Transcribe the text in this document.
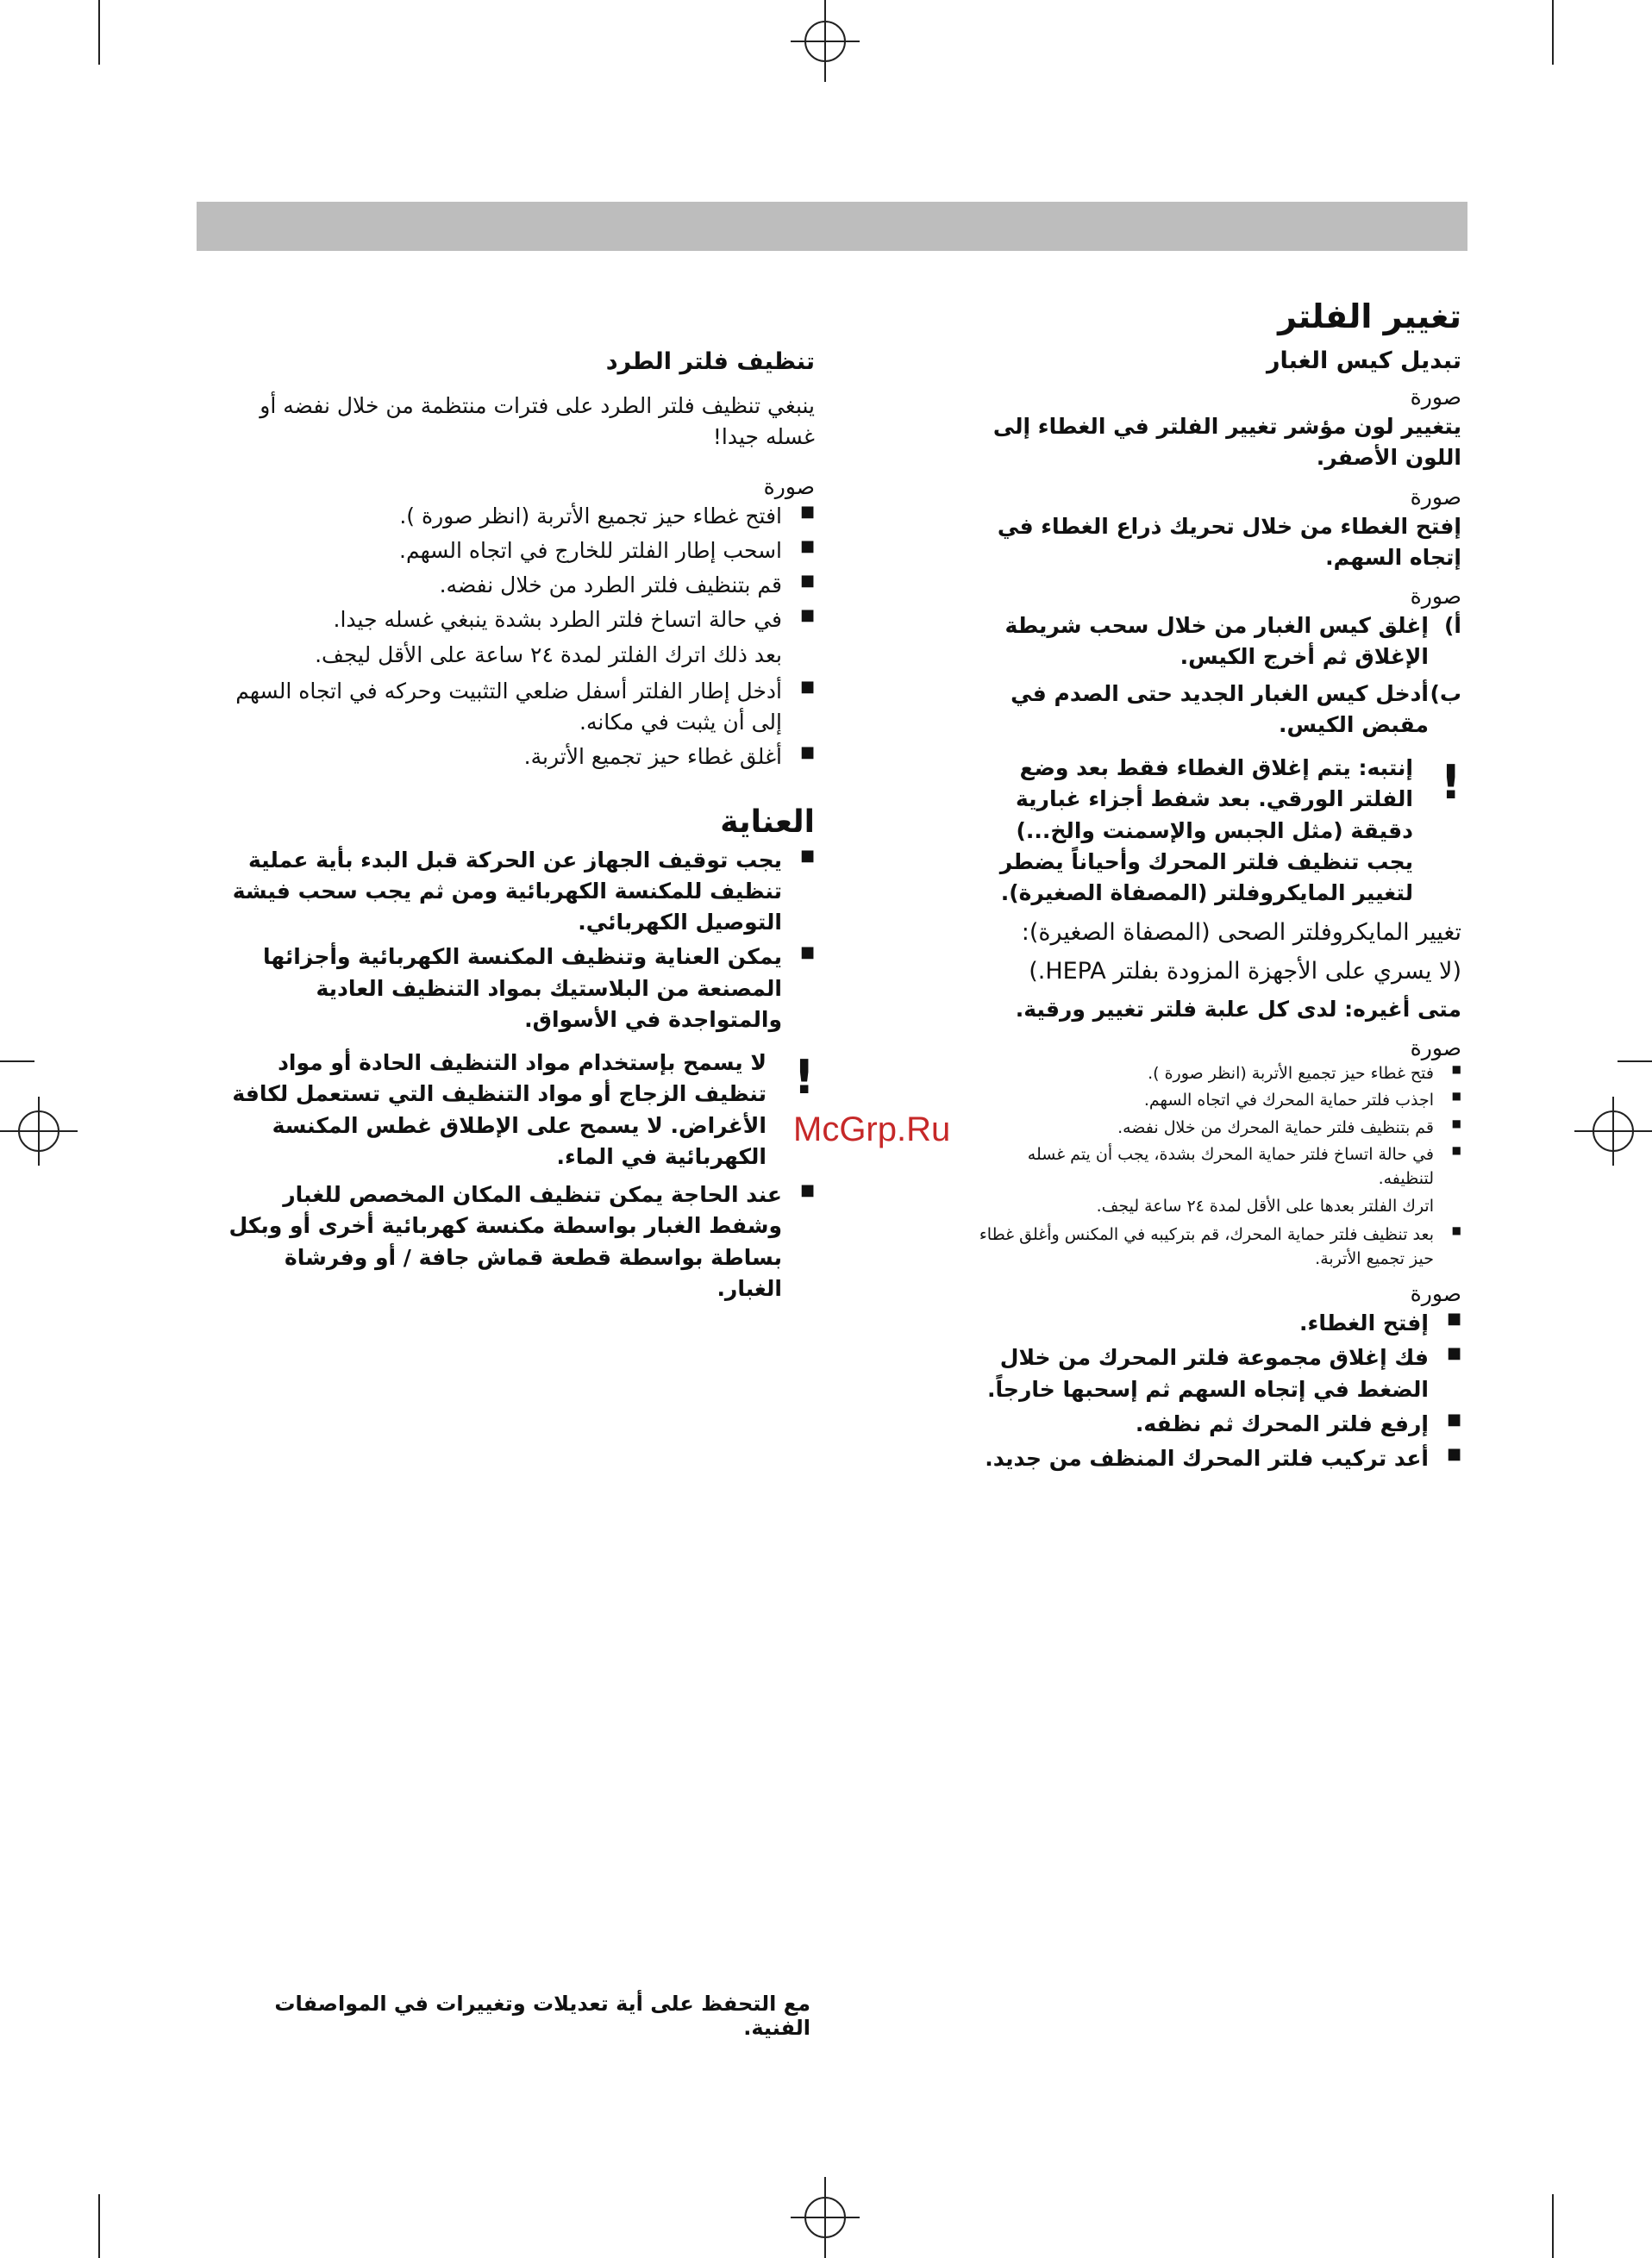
تغيير الفلتر
تبديل كيس الغبار
صورة

يتغيير لون مؤشر تغيير الفلتر في الغطاء إلى اللون الأصفر.

صورة

إفتح الغطاء من خلال تحريك ذراع الغطاء في إتجاه السهم.

صورة

أ)
إغلق كيس الغبار من خلال سحب شريطة الإغلاق ثم أخرج الكيس.

ب)
أدخل كيس الغبار الجديد حتى الصدم في مقبض الكيس.

!

إنتبه: يتم إغلاق الغطاء فقط بعد وضع الفلتر الورقي. بعد شفط أجزاء غبارية دقيقة (مثل الجبس والإسمنت والخ...) يجب تنظيف فلتر المحرك وأحياناً يضطر لتغيير المايكروفلتر (المصفاة الصغيرة).

تغيير المايكروفلتر الصحى (المصفاة الصغيرة):

(لا يسري على الأجهزة المزودة بفلتر HEPA.)

متى أغيره: لدى كل علبة فلتر تغيير ورقية.

صورة
■ فتح غطاء حيز تجميع الأتربة (انظر صورة ).
■ اجذب فلتر حماية المحرك في اتجاه السهم.
■ قم بتنظيف فلتر حماية المحرك من خلال نفضه.
■ في حالة اتساخ فلتر حماية المحرك بشدة، يجب أن يتم غسله لتنظيفه.

اترك الفلتر بعدها على الأقل لمدة ٢٤ ساعة ليجف.

■ بعد تنظيف فلتر حماية المحرك، قم بتركيبه في المكنس وأغلق غطاء حيز تجميع الأتربة.
صورة
■ إفتح الغطاء.
■ فك إغلاق مجموعة فلتر المحرك من خلال الضغط في إتجاه السهم ثم إسحبها خارجاً.
■ إرفع فلتر المحرك ثم نظفه.
■ أعد تركيب فلتر المحرك المنظف من جديد.
تنظيف فلتر الطرد

ينبغي تنظيف فلتر الطرد على فترات منتظمة من خلال نفضه أو غسله جيدا!

صورة
■ افتح غطاء حيز تجميع الأتربة (انظر صورة ).
■ اسحب إطار الفلتر للخارج في اتجاه السهم.
■ قم بتنظيف فلتر الطرد من خلال نفضه.
■ في حالة اتساخ فلتر الطرد بشدة ينبغي غسله جيدا.

بعد ذلك اترك الفلتر لمدة ٢٤ ساعة على الأقل ليجف.

■ أدخل إطار الفلتر أسفل ضلعي التثبيت وحركه في اتجاه السهم إلى أن يثبت في مكانه.
■ أغلق غطاء حيز تجميع الأتربة.
العناية
■ يجب توقيف الجهاز عن الحركة قبل البدء بأية عملية تنظيف للمكنسة الكهربائية ومن ثم يجب سحب فيشة التوصيل الكهربائي.
■ يمكن العناية وتنظيف المكنسة الكهربائية وأجزائها المصنعة من البلاستيك بمواد التنظيف العادية والمتواجدة في الأسواق.
!

لا يسمح بإستخدام مواد التنظيف الحادة أو مواد تنظيف الزجاج أو مواد التنظيف التي تستعمل لكافة الأغراض. لا يسمح على الإطلاق غطس المكنسة الكهربائية في الماء.

■ عند الحاجة يمكن تنظيف المكان المخصص للغبار وشفط الغبار بواسطة مكنسة كهربائية أخرى أو وبكل بساطة بواسطة قطعة قماش جافة / أو وفرشاة الغبار.
McGrp.Ru
مع التحفظ على أية تعديلات وتغييرات في المواصفات الفنية.
